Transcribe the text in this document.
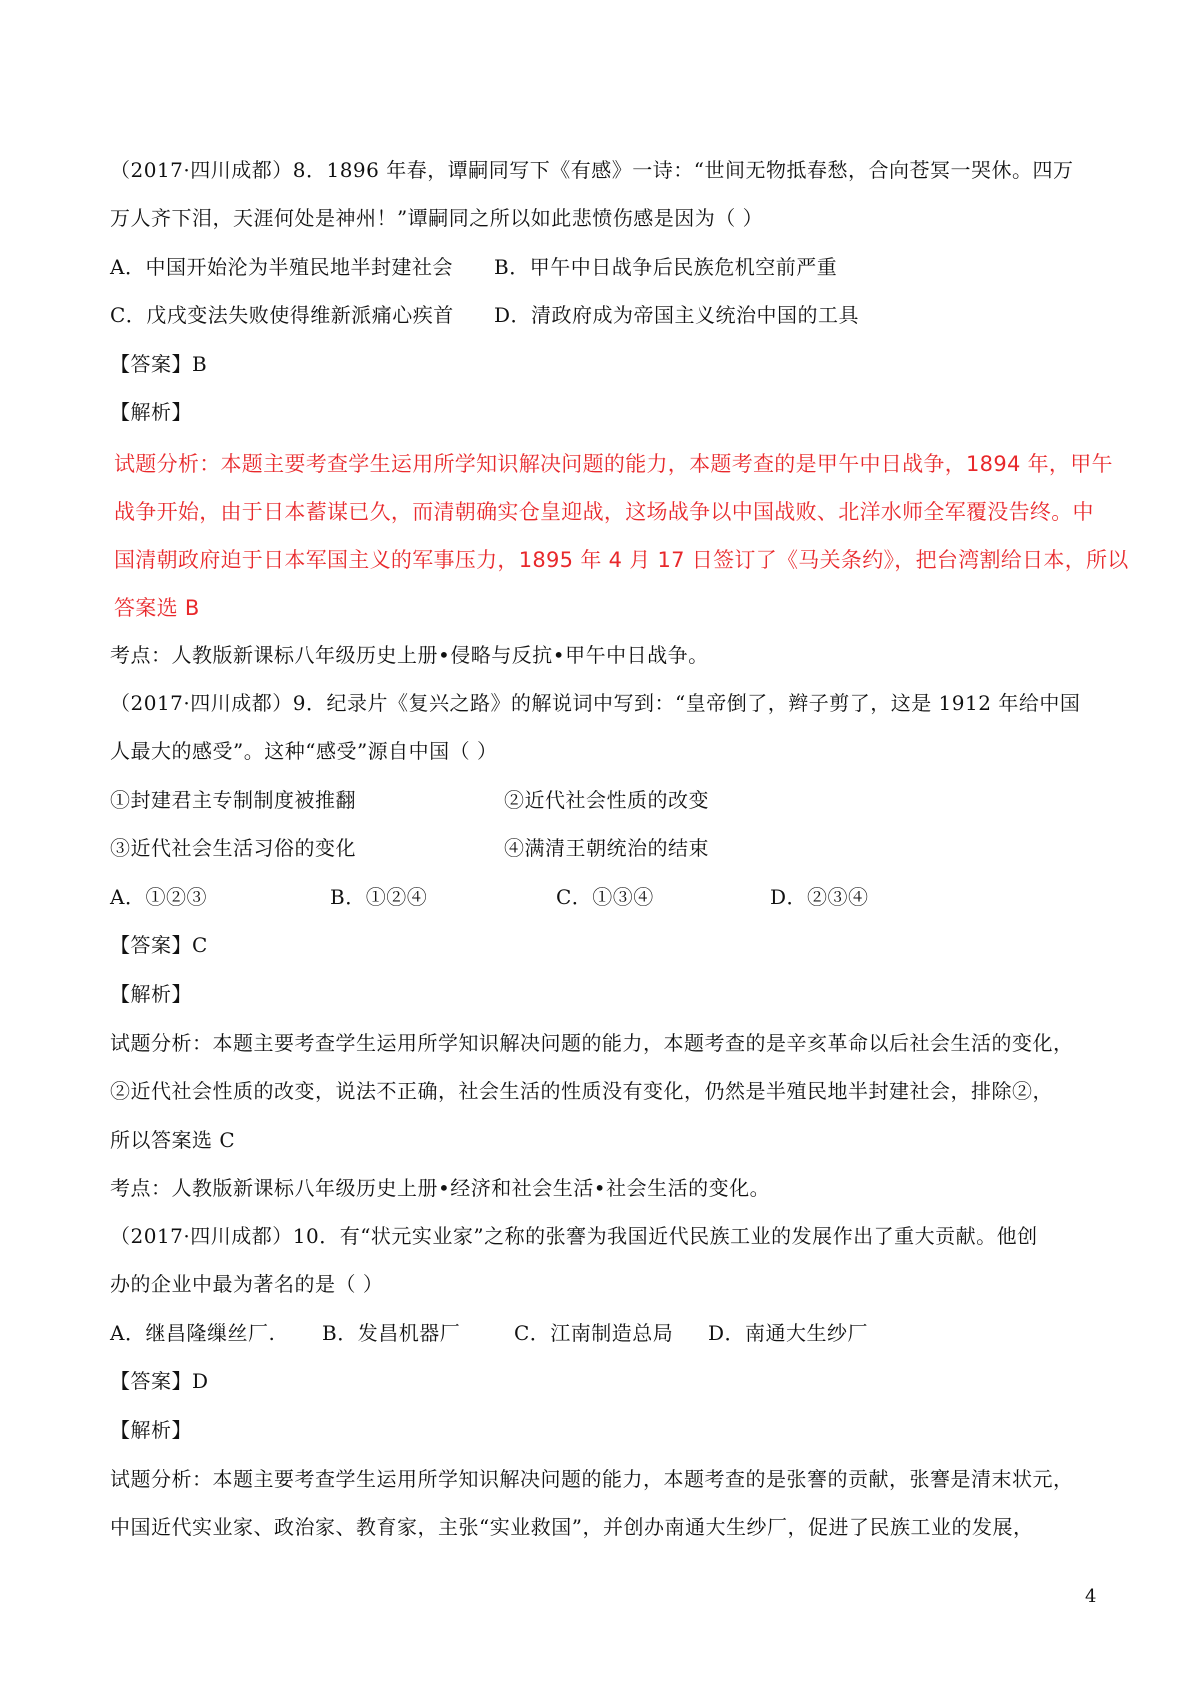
（2017·四川成都）8．1896 年春，谭嗣同写下《有感》一诗：“世间无物抵春愁，合向苍冥一哭休。四万
万人齐下泪，天涯何处是神州！”谭嗣同之所以如此悲愤伤感是因为（ ）
A．中国开始沦为半殖民地半封建社会 B．甲午中日战争后民族危机空前严重
C．戊戌变法失败使得维新派痛心疾首 D．清政府成为帝国主义统治中国的工具
【答案】B
【解析】
试题分析：本题主要考查学生运用所学知识解决问题的能力，本题考查的是甲午中日战争，1894 年，甲午
战争开始，由于日本蓄谋已久，而清朝确实仓皇迎战，这场战争以中国战败、北洋水师全军覆没告终。中
国清朝政府迫于日本军国主义的军事压力，1895 年 4 月 17 日签订了《马关条约》，把台湾割给日本，所以
答案选 B
考点：人教版新课标八年级历史上册•侵略与反抗•甲午中日战争。
（2017·四川成都）9．纪录片《复兴之路》的解说词中写到：“皇帝倒了，辫子剪了，这是 1912 年给中国
人最大的感受”。这种“感受”源自中国（ ）
①封建君主专制制度被推翻	②近代社会性质的改变
③近代社会生活习俗的变化	④满清王朝统治的结束
A．①②③	B．①②④	C．①③④	D．②③④
【答案】C
【解析】
试题分析：本题主要考查学生运用所学知识解决问题的能力，本题考查的是辛亥革命以后社会生活的变化，
②近代社会性质的改变，说法不正确，社会生活的性质没有变化，仍然是半殖民地半封建社会，排除②，
所以答案选 C
考点：人教版新课标八年级历史上册•经济和社会生活•社会生活的变化。
（2017·四川成都）10．有“状元实业家”之称的张謇为我国近代民族工业的发展作出了重大贡献。他创
办的企业中最为著名的是（ ）
A．继昌隆缫丝厂. B．发昌机器厂	C．江南制造总局 D．南通大生纱厂
【答案】D
【解析】
试题分析：本题主要考查学生运用所学知识解决问题的能力，本题考查的是张謇的贡献，张謇是清末状元，
中国近代实业家、政治家、教育家，主张“实业救国”，并创办南通大生纱厂，促进了民族工业的发展，
4
